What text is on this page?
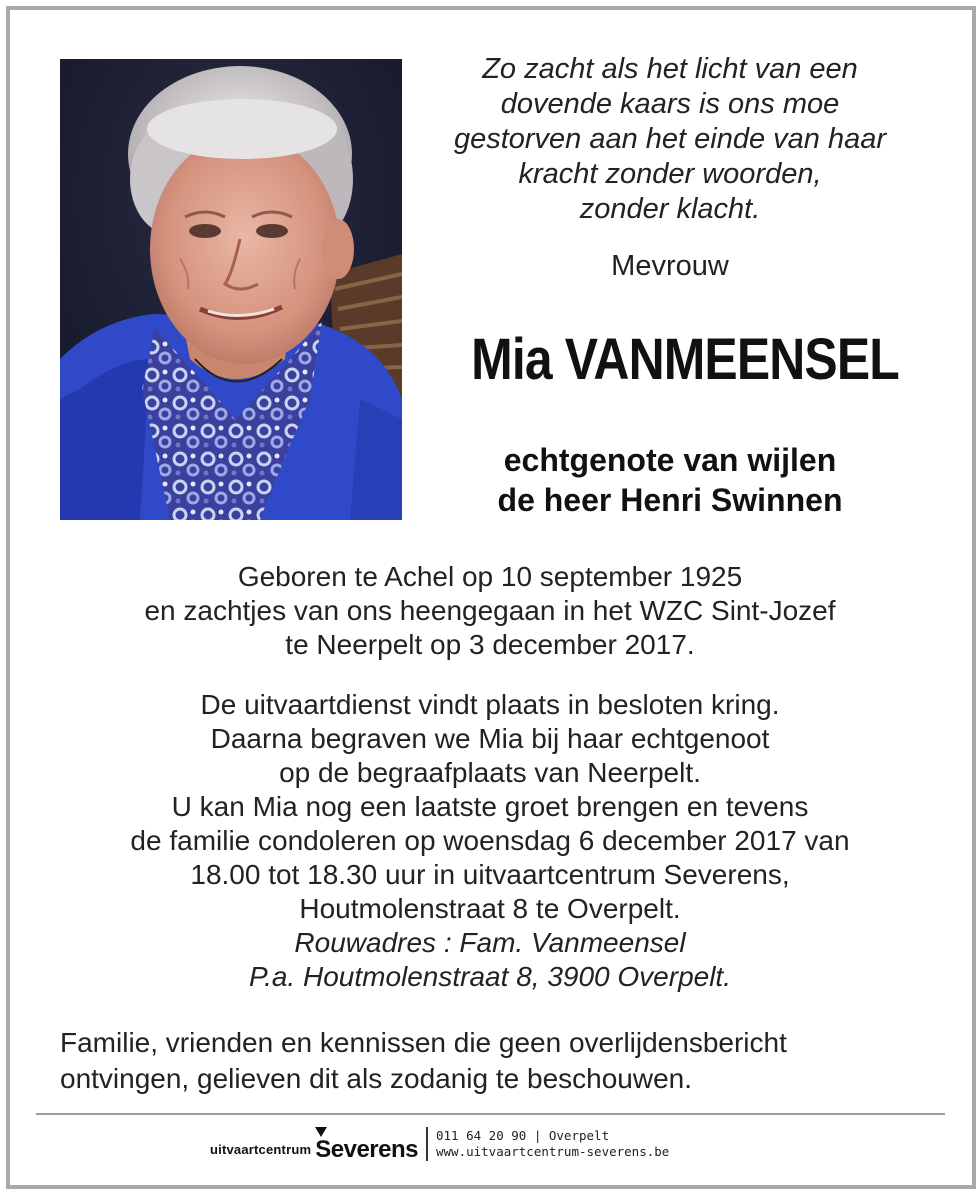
Zo zacht als het licht van een
dovende kaars is ons moe
gestorven aan het einde van haar
kracht zonder woorden,
zonder klacht.
Mevrouw
Mia VANMEENSEL
echtgenote van wijlen
de heer Henri Swinnen
Geboren te Achel op 10 september 1925
en zachtjes van ons heengegaan in het WZC Sint-Jozef
te Neerpelt op 3 december 2017.
De uitvaartdienst vindt plaats in besloten kring.
Daarna begraven we Mia bij haar echtgenoot
op de begraafplaats van Neerpelt.
U kan Mia nog een laatste groet brengen en tevens
de familie condoleren op woensdag 6 december 2017 van
18.00 tot 18.30 uur in uitvaartcentrum Severens,
Houtmolenstraat 8 te Overpelt.
Rouwadres : Fam. Vanmeensel
P.a. Houtmolenstraat 8, 3900 Overpelt.
Familie, vrienden en kennissen die geen overlijdensbericht
ontvingen, gelieven dit als zodanig te beschouwen.
uitvaartcentrum Severens
011 64 20 90 | Overpelt
www.uitvaartcentrum-severens.be
